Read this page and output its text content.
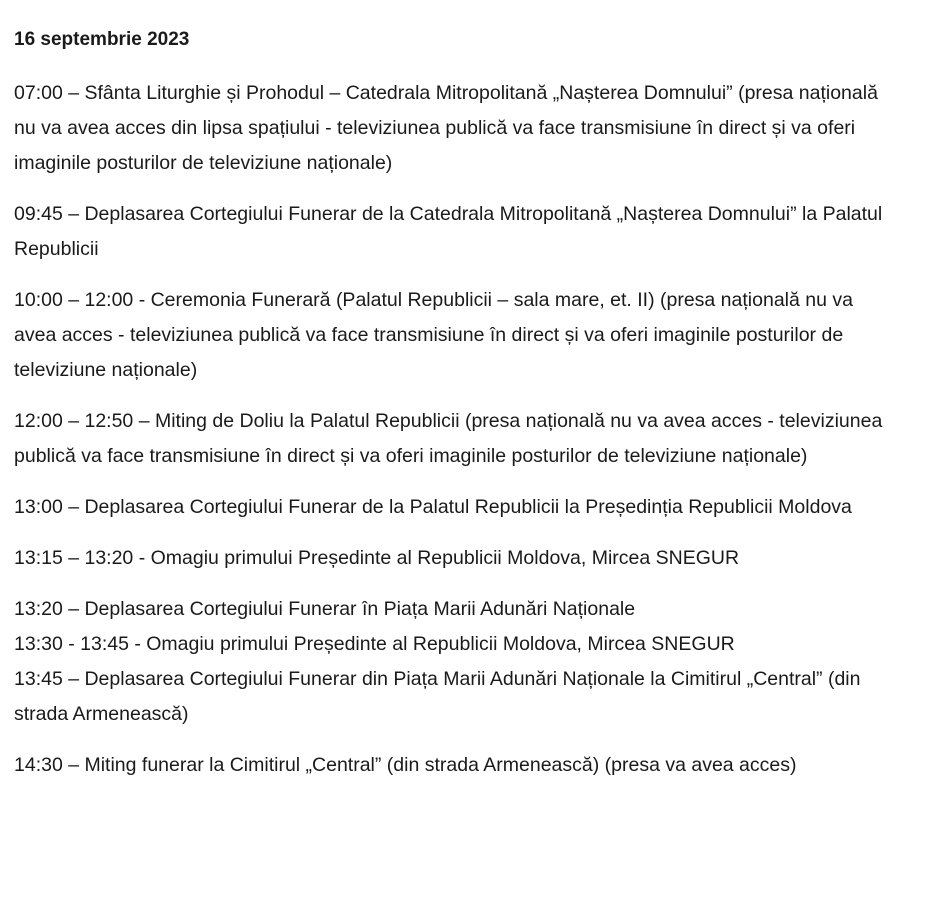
16 septembrie 2023

07:00 – Sfânta Liturghie și Prohodul – Catedrala Mitropolitană „Nașterea Domnului” (presa națională nu va avea acces din lipsa spațiului - televiziunea publică va face transmisiune în direct și va oferi imaginile posturilor de televiziune naționale)

09:45 – Deplasarea Cortegiului Funerar de la Catedrala Mitropolitană „Nașterea Domnului” la Palatul Republicii

10:00 – 12:00 - Ceremonia Funerară (Palatul Republicii – sala mare, et. II) (presa națională nu va avea acces - televiziunea publică va face transmisiune în direct și va oferi imaginile posturilor de televiziune naționale)

12:00 – 12:50 – Miting de Doliu la Palatul Republicii (presa națională nu va avea acces - televiziunea publică va face transmisiune în direct și va oferi imaginile posturilor de televiziune naționale)

13:00 – Deplasarea Cortegiului Funerar de la Palatul Republicii la Președinția Republicii Moldova

13:15 – 13:20 - Omagiu primului Președinte al Republicii Moldova, Mircea SNEGUR

13:20 – Deplasarea Cortegiului Funerar în Piața Marii Adunări Naționale

13:30 - 13:45 - Omagiu primului Președinte al Republicii Moldova, Mircea SNEGUR

13:45 – Deplasarea Cortegiului Funerar din Piața Marii Adunări Naționale la Cimitirul „Central” (din strada Armenească)

14:30 – Miting funerar la Cimitirul „Central” (din strada Armenească) (presa va avea acces)
